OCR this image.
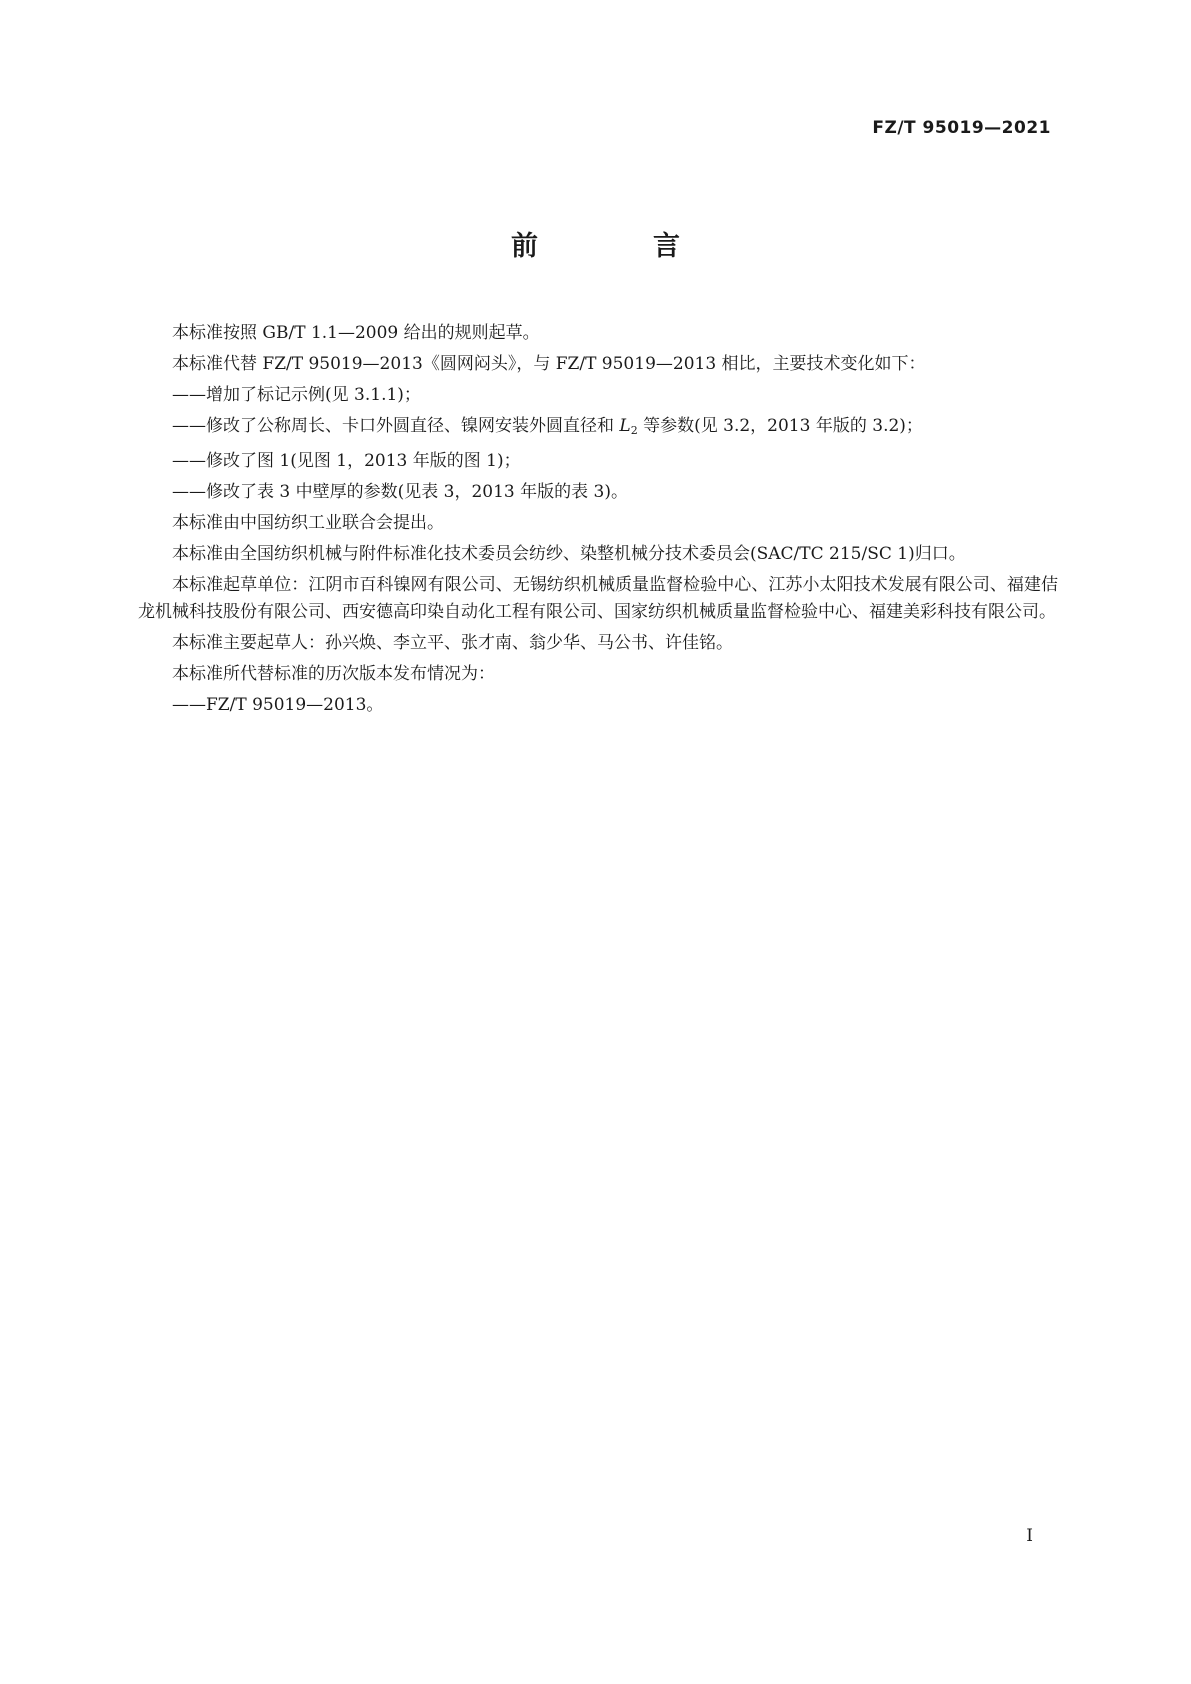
FZ/T 95019—2021
前　言

本标准按照 GB/T 1.1—2009 给出的规则起草。

本标准代替 FZ/T 95019—2013《圆网闷头》，与 FZ/T 95019—2013 相比，主要技术变化如下：

——增加了标记示例(见 3.1.1)；

——修改了公称周长、卡口外圆直径、镍网安装外圆直径和 $L_2$ 等参数(见 3.2，2013 年版的 3.2)；

——修改了图 1(见图 1，2013 年版的图 1)；

——修改了表 3 中壁厚的参数(见表 3，2013 年版的表 3)。

本标准由中国纺织工业联合会提出。

本标准由全国纺织机械与附件标准化技术委员会纺纱、染整机械分技术委员会(SAC/TC 215/SC 1)归口。

本标准起草单位：江阴市百科镍网有限公司、无锡纺织机械质量监督检验中心、江苏小太阳技术发展有限公司、福建佶龙机械科技股份有限公司、西安德高印染自动化工程有限公司、国家纺织机械质量监督检验中心、福建美彩科技有限公司。

本标准主要起草人：孙兴焕、李立平、张才南、翁少华、马公书、许佳铭。

本标准所代替标准的历次版本发布情况为：

——FZ/T 95019—2013。

I
